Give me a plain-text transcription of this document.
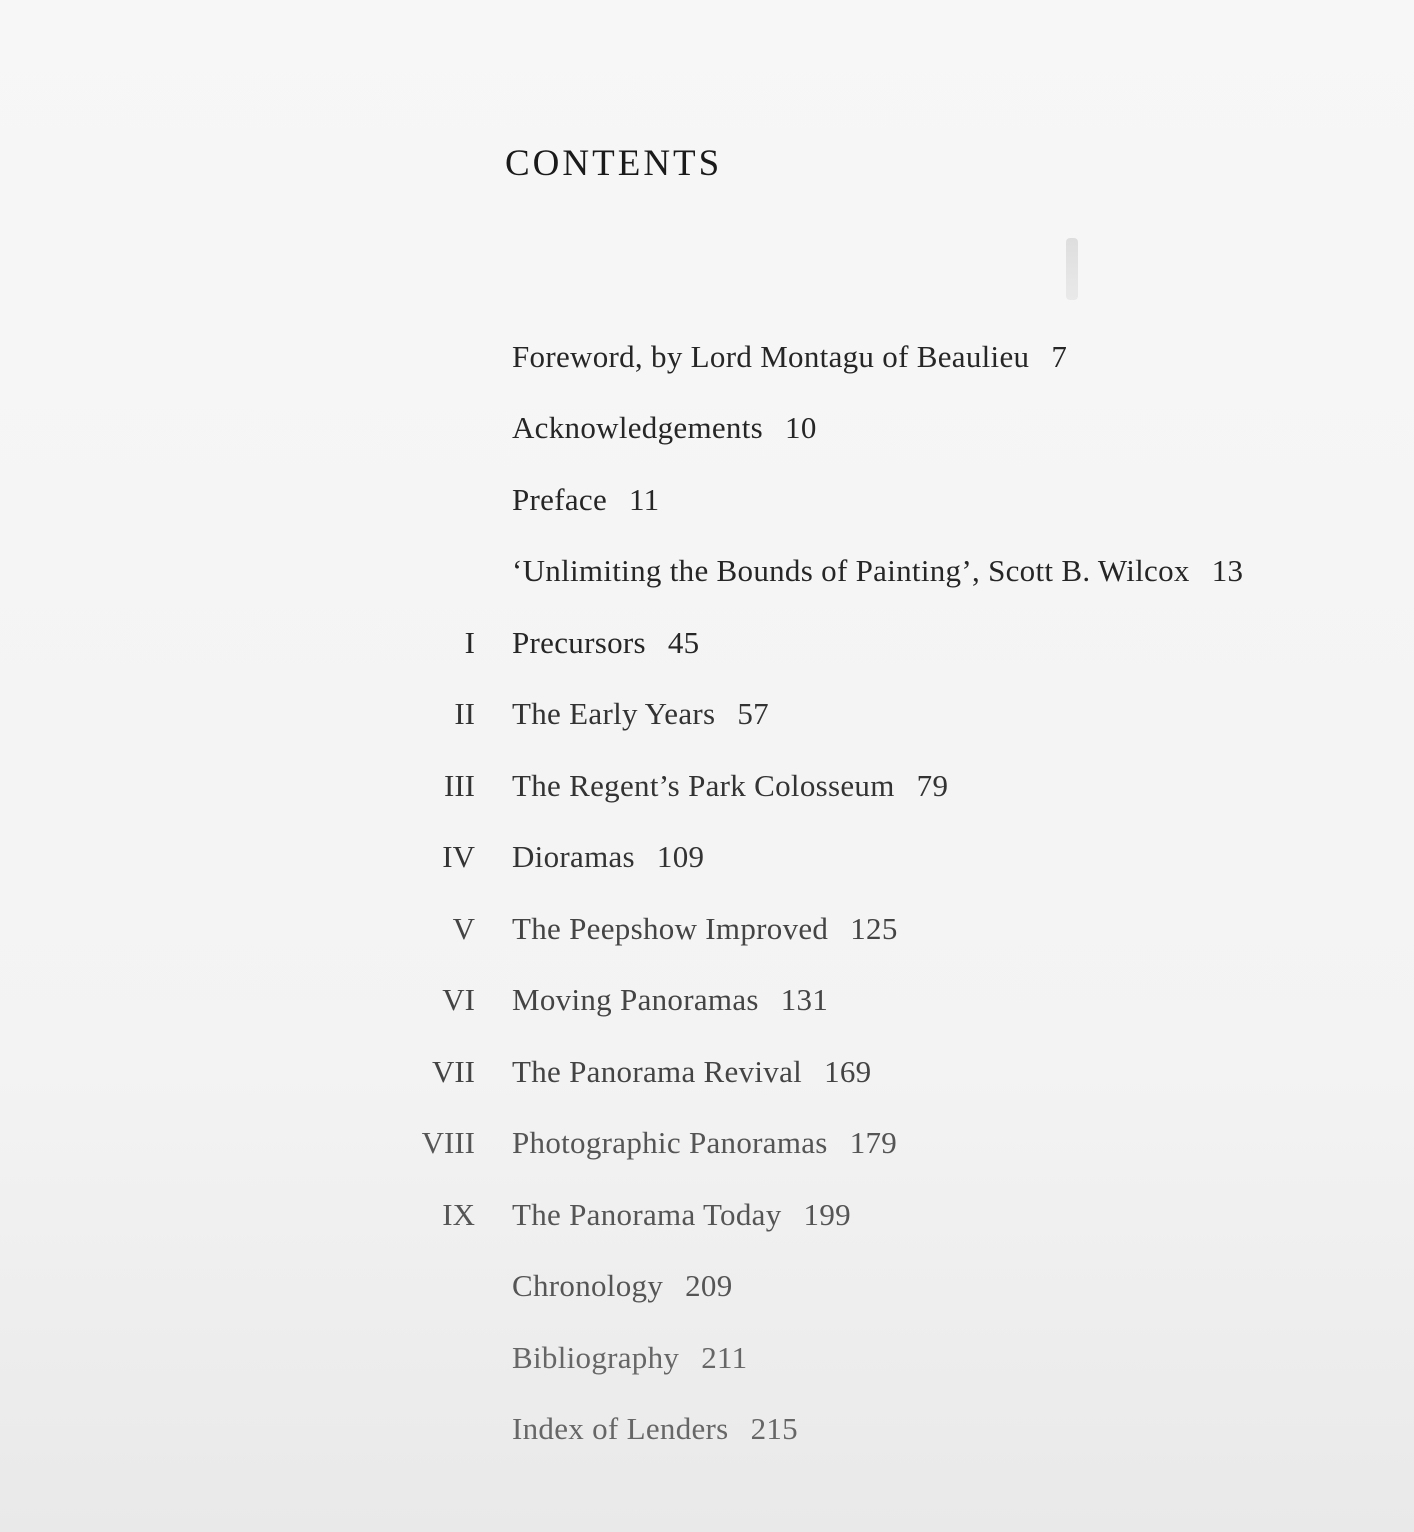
CONTENTS
Foreword, by Lord Montagu of Beaulieu 7
Acknowledgements 10
Preface 11
‘Unlimiting the Bounds of Painting’, Scott B. Wilcox 13
I Precursors 45
II The Early Years 57
III The Regent’s Park Colosseum 79
IV Dioramas 109
V The Peepshow Improved 125
VI Moving Panoramas 131
VII The Panorama Revival 169
VIII Photographic Panoramas 179
IX The Panorama Today 199
Chronology 209
Bibliography 211
Index of Lenders 215
